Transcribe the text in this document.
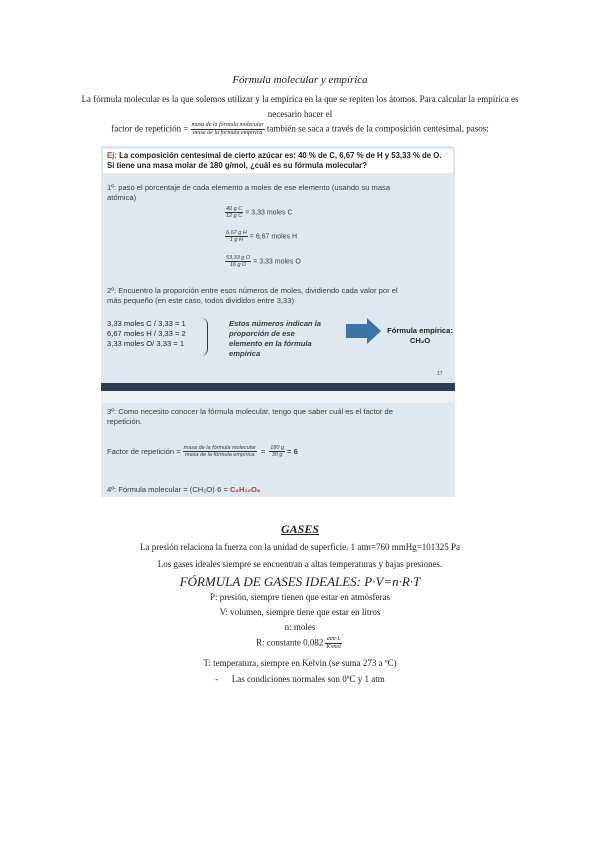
Fórmula molecular y empírica
La fórmula molecular es la que solemos utilizar y la empírica en la que se repiten los átomos. Para calcular la empírica es
necesario hacer el
factor de repetición = $\frac{\text{masa de la fórmula molecular}}{\text{masa de la fórmula empírica}}$ también se saca a través de la composición centesimal, pasos:
Ej: La composición centesimal de cierto azúcar es: 40 % de C, 6,67 % de H y 53,33 % de O.
Si tiene una masa molar de 180 g/mol, ¿cuál es su fórmula molecular?
1º: paso el porcentaje de cada elemento a moles de ese elemento (usando su masa
atómica)
$\frac{\text{40 g C}}{\text{12 g C}} = 3,33$ moles C
$\frac{\text{6,67 g H}}{\text{1 g H}} = 6,67$ moles H
$\frac{\text{53,33 g O}}{\text{16 g O}} = 3,33$ moles O
2º: Encuentro la proporción entre esos números de moles, dividiendo cada valor por el
más pequeño (en este caso, todos divididos entre 3,33)
3,33 moles C / 3,33 = 1
6,67 moles H / 3,33 = 2
3,33 moles O/ 3,33 = 1
Estos números indican la
proporción de ese
elemento en la fórmula
empírica
Fórmula empírica:
CH₂O
17
3º: Como necesito conocer la fórmula molecular, tengo que saber cuál es el factor de
repetición.
Factor de repetición = $\frac{\text{masa de la fórmula molecular}}{\text{masa de la fórmula empírica}} = \frac{180 g}{30 g} = 6$
4º: Fórmula molecular = (CH₂O)·6 = C₆H₁₂O₆
GASES
La presión relaciona la fuerza con la unidad de superficie. 1 atm=760 mmHg=101325 Pa
Los gases ideales siempre se encuentran a altas temperaturas y bajas presiones.
FÓRMULA DE GASES IDEALES: P·V=n·R·T
P: presión, siempre tienen que estar en atmósferas
V: volumen, siempre tiene que estar en litros
n: moles
R: constante $0,082 \frac{\text{atm·L}}{\text{K·mol}}$
T: temperatura, siempre en Kelvin (se suma 273 a ºC)
- Las condiciones normales son 0ºC y 1 atm
